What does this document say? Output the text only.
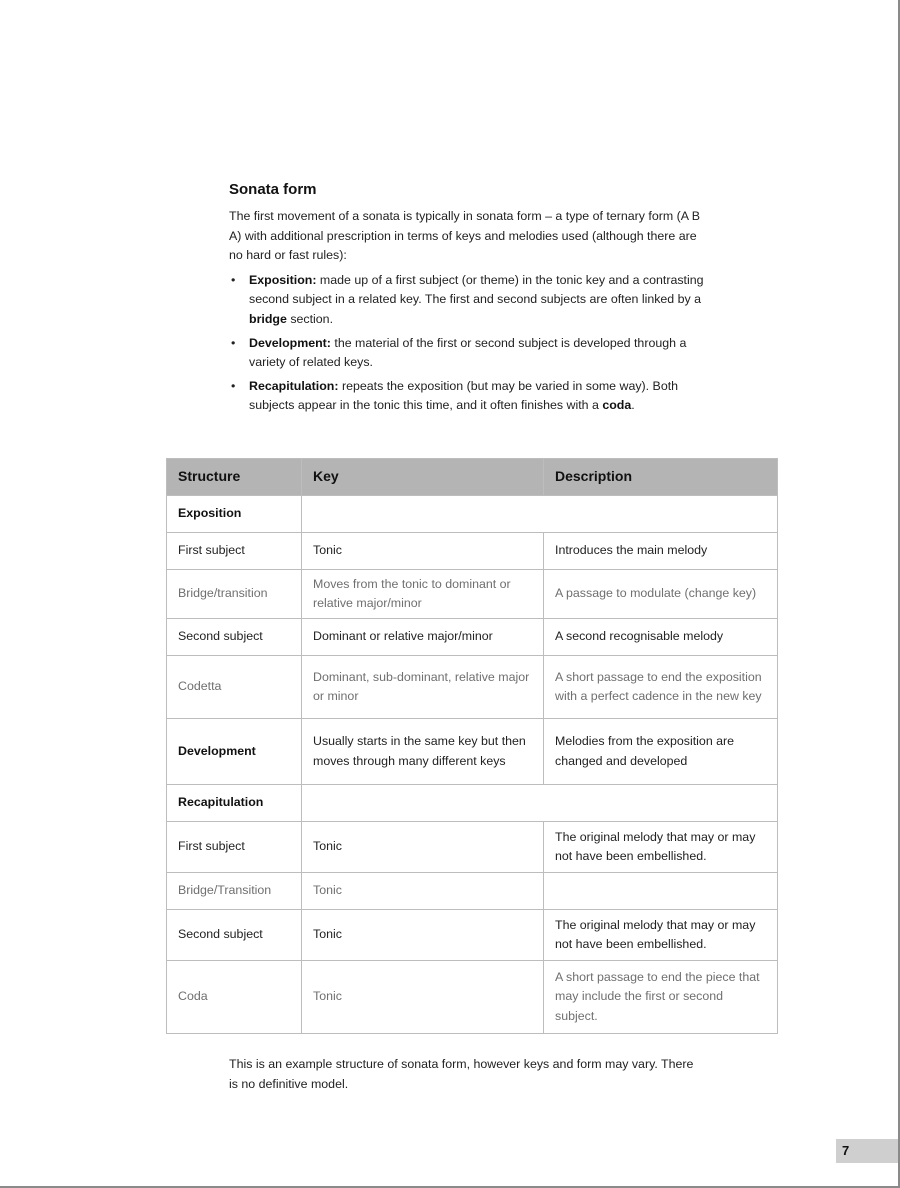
Sonata form

The first movement of a sonata is typically in sonata form – a type of ternary form (A B A) with additional prescription in terms of keys and melodies used (although there are no hard or fast rules):

• Exposition: made up of a first subject (or theme) in the tonic key and a contrasting second subject in a related key. The first and second subjects are often linked by a bridge section.
• Development: the material of the first or second subject is developed through a variety of related keys.
• Recapitulation: repeats the exposition (but may be varied in some way). Both subjects appear in the tonic this time, and it often finishes with a coda.
Structure	Key	Description
Exposition		
First subject	Tonic	Introduces the main melody
Bridge/transition	Moves from the tonic to dominant or relative major/minor	A passage to modulate (change key)
Second subject	Dominant or relative major/minor	A second recognisable melody
Codetta	Dominant, sub-dominant, relative major or minor	A short passage to end the exposition with a perfect cadence in the new key
Development	Usually starts in the same key but then moves through many different keys	Melodies from the exposition are changed and developed
Recapitulation		
First subject	Tonic	The original melody that may or may not have been embellished.
Bridge/Transition	Tonic	
Second subject	Tonic	The original melody that may or may not have been embellished.
Coda	Tonic	A short passage to end the piece that may include the first or second subject.

This is an example structure of sonata form, however keys and form may vary. There is no definitive model.

7
